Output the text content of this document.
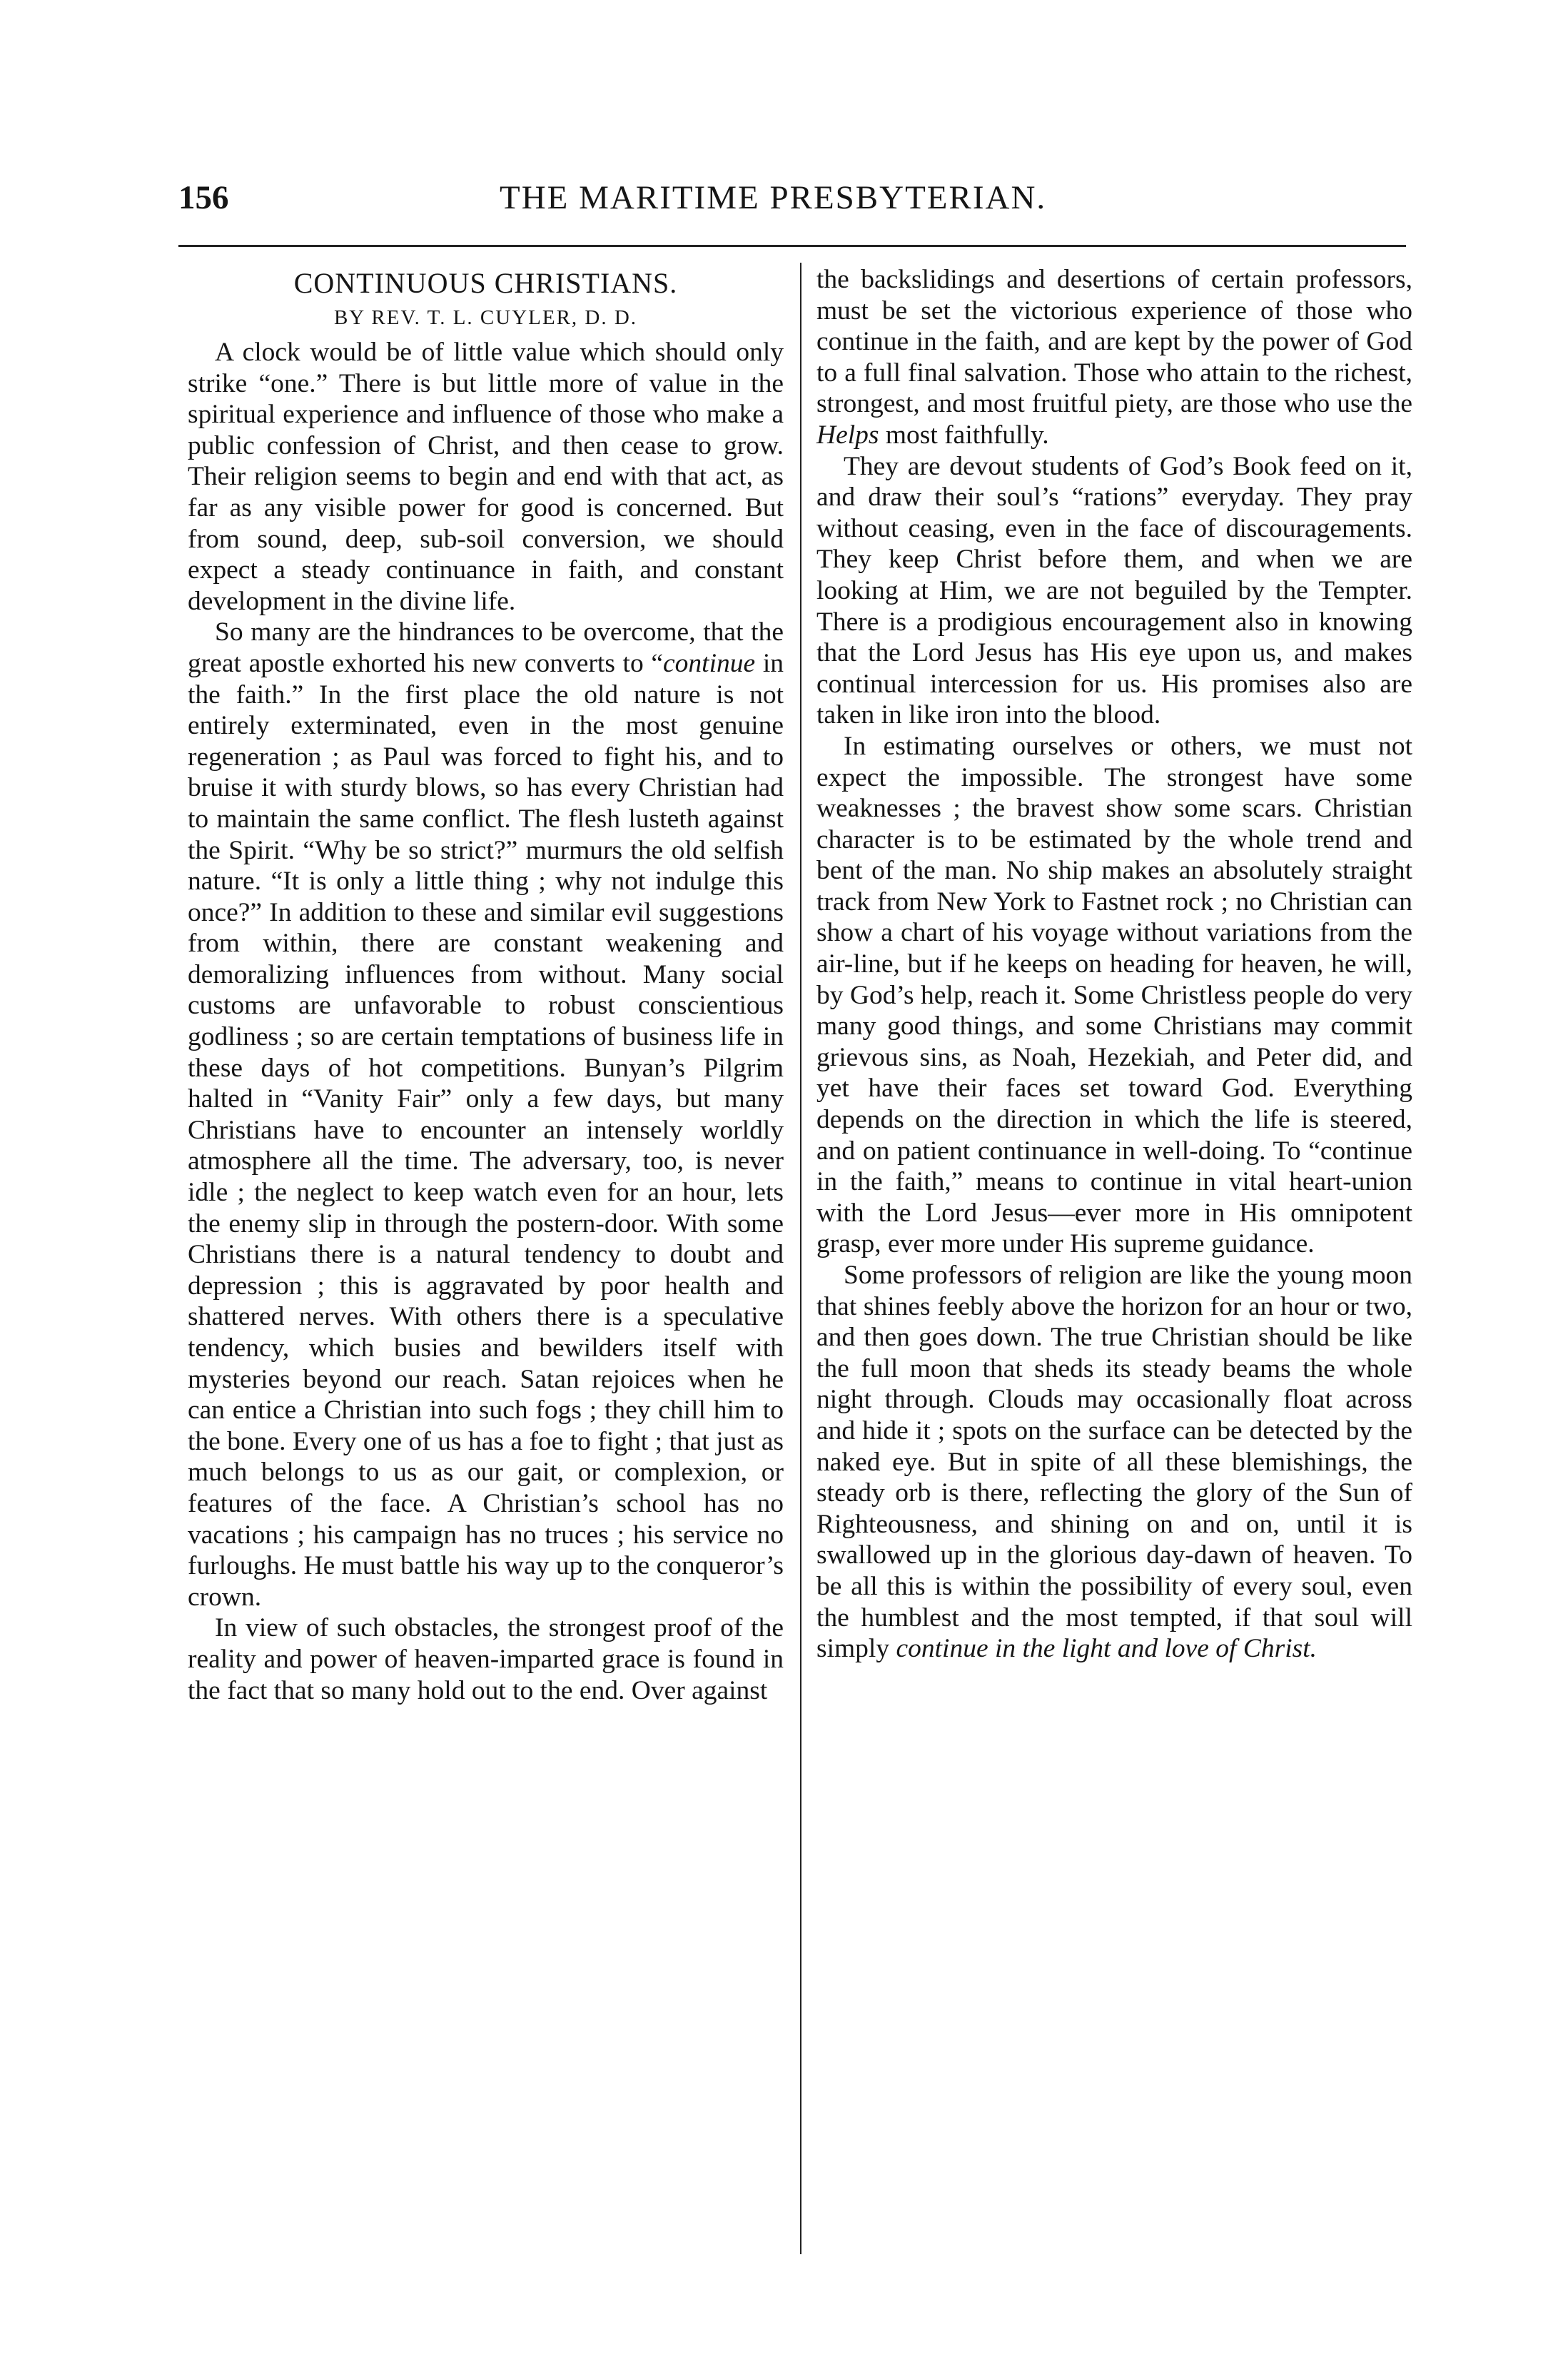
156	THE MARITIME PRESBYTERIAN.
CONTINUOUS CHRISTIANS.
BY REV. T. L. CUYLER, D. D.

A clock would be of little value which should only strike “one.” There is but little more of value in the spiritual experience and influence of those who make a public confession of Christ, and then cease to grow. Their religion seems to begin and end with that act, as far as any visible power for good is concerned. But from sound, deep, sub-soil conversion, we should expect a steady continuance in faith, and constant development in the divine life.

So many are the hindrances to be overcome, that the great apostle exhorted his new converts to “continue in the faith.” In the first place the old nature is not entirely exterminated, even in the most genuine regeneration ; as Paul was forced to fight his, and to bruise it with sturdy blows, so has every Christian had to maintain the same conflict. The flesh lusteth against the Spirit. “Why be so strict?” murmurs the old selfish nature. “It is only a little thing ; why not indulge this once?” In addition to these and similar evil suggestions from within, there are constant weakening and demoralizing influences from without. Many social customs are unfavorable to robust conscientious godliness ; so are certain temptations of business life in these days of hot competitions. Bunyan’s Pilgrim halted in “Vanity Fair” only a few days, but many Christians have to encounter an intensely worldly atmosphere all the time. The adversary, too, is never idle ; the neglect to keep watch even for an hour, lets the enemy slip in through the postern-door. With some Christians there is a natural tendency to doubt and depression ; this is aggravated by poor health and shattered nerves. With others there is a speculative tendency, which busies and bewilders itself with mysteries beyond our reach. Satan rejoices when he can entice a Christian into such fogs ; they chill him to the bone. Every one of us has a foe to fight ; that just as much belongs to us as our gait, or complexion, or features of the face. A Christian’s school has no vacations ; his campaign has no truces ; his service no furloughs. He must battle his way up to the conqueror’s crown.

In view of such obstacles, the strongest proof of the reality and power of heaven-imparted grace is found in the fact that so many hold out to the end. Over against

the backslidings and desertions of certain professors, must be set the victorious experience of those who continue in the faith, and are kept by the power of God to a full final salvation. Those who attain to the richest, strongest, and most fruitful piety, are those who use the Helps most faithfully.

They are devout students of God’s Book feed on it, and draw their soul’s “rations” everyday. They pray without ceasing, even in the face of discouragements. They keep Christ before them, and when we are looking at Him, we are not beguiled by the Tempter. There is a prodigious encouragement also in knowing that the Lord Jesus has His eye upon us, and makes continual intercession for us. His promises also are taken in like iron into the blood.

In estimating ourselves or others, we must not expect the impossible. The strongest have some weaknesses ; the bravest show some scars. Christian character is to be estimated by the whole trend and bent of the man. No ship makes an absolutely straight track from New York to Fastnet rock ; no Christian can show a chart of his voyage without variations from the air-line, but if he keeps on heading for heaven, he will, by God’s help, reach it. Some Christless people do very many good things, and some Christians may commit grievous sins, as Noah, Hezekiah, and Peter did, and yet have their faces set toward God. Everything depends on the direction in which the life is steered, and on patient continuance in well-doing. To “continue in the faith,” means to continue in vital heart-union with the Lord Jesus—ever more in His omnipotent grasp, ever more under His supreme guidance.

Some professors of religion are like the young moon that shines feebly above the horizon for an hour or two, and then goes down. The true Christian should be like the full moon that sheds its steady beams the whole night through. Clouds may occasionally float across and hide it ; spots on the surface can be detected by the naked eye. But in spite of all these blemishings, the steady orb is there, reflecting the glory of the Sun of Righteousness, and shining on and on, until it is swallowed up in the glorious day-dawn of heaven. To be all this is within the possibility of every soul, even the humblest and the most tempted, if that soul will simply continue in the light and love of Christ.
